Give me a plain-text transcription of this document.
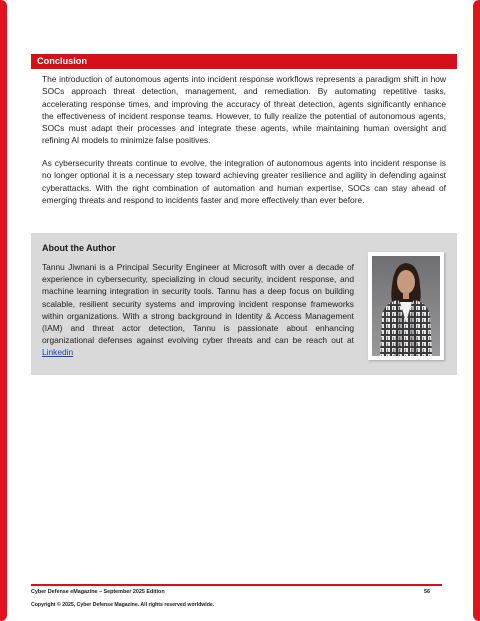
Conclusion

The introduction of autonomous agents into incident response workflows represents a paradigm shift in how SOCs approach threat detection, management, and remediation. By automating repetitive tasks, accelerating response times, and improving the accuracy of threat detection, agents significantly enhance the effectiveness of incident response teams. However, to fully realize the potential of autonomous agents, SOCs must adapt their processes and integrate these agents, while maintaining human oversight and refining AI models to minimize false positives.

As cybersecurity threats continue to evolve, the integration of autonomous agents into incident response is no longer optional it is a necessary step toward achieving greater resilience and agility in defending against cyberattacks. With the right combination of automation and human expertise, SOCs can stay ahead of emerging threats and respond to incidents faster and more effectively than ever before.

About the Author

Tannu Jiwnani is a Principal Security Engineer at Microsoft with over a decade of experience in cybersecurity, specializing in cloud security, incident response, and machine learning integration in security tools. Tannu has a deep focus on building scalable, resilient security systems and improving incident response frameworks within organizations. With a strong background in Identity & Access Management (IAM) and threat actor detection, Tannu is passionate about enhancing organizational defenses against evolving cyber threats and can be reach out at Linkedin

Cyber Defense eMagazine – September 2025 Edition	56
Copyright © 2025, Cyber Defense Magazine. All rights reserved worldwide.
